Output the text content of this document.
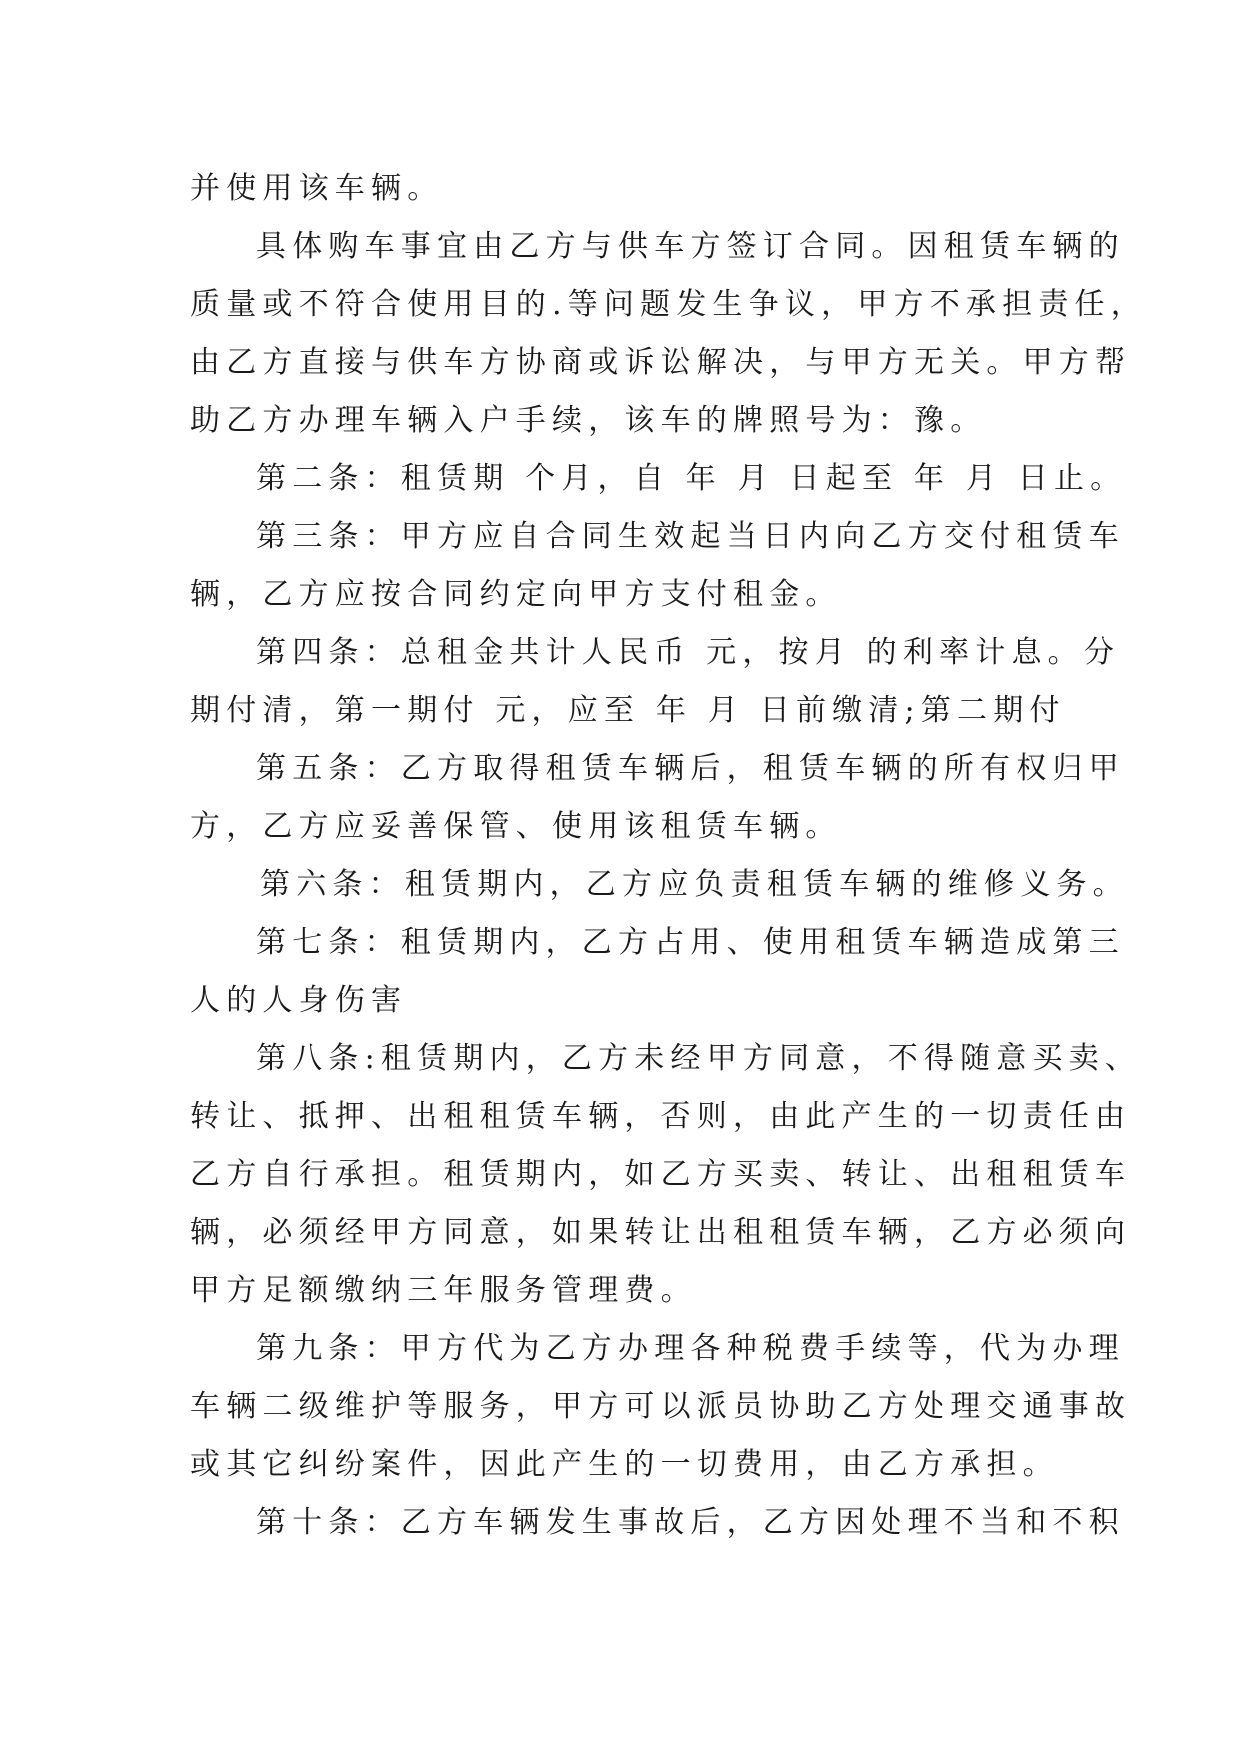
并使用该车辆。
具体购车事宜由乙方与供车方签订合同。因租赁车辆的
质量或不符合使用目的.等问题发生争议，甲方不承担责任，
由乙方直接与供车方协商或诉讼解决，与甲方无关。甲方帮
助乙方办理车辆入户手续，该车的牌照号为：豫。
第二条：租赁期 个月，自 年 月 日起至 年 月 日止。
第三条：甲方应自合同生效起当日内向乙方交付租赁车
辆，乙方应按合同约定向甲方支付租金。
第四条：总租金共计人民币 元，按月 的利率计息。分
期付清，第一期付 元，应至 年 月 日前缴清;第二期付
第五条：乙方取得租赁车辆后，租赁车辆的所有权归甲
方，乙方应妥善保管、使用该租赁车辆。
第六条：租赁期内，乙方应负责租赁车辆的维修义务。
第七条：租赁期内，乙方占用、使用租赁车辆造成第三
人的人身伤害
第八条:租赁期内，乙方未经甲方同意，不得随意买卖、
转让、抵押、出租租赁车辆，否则，由此产生的一切责任由
乙方自行承担。租赁期内，如乙方买卖、转让、出租租赁车
辆，必须经甲方同意，如果转让出租租赁车辆，乙方必须向
甲方足额缴纳三年服务管理费。
第九条：甲方代为乙方办理各种税费手续等，代为办理
车辆二级维护等服务，甲方可以派员协助乙方处理交通事故
或其它纠纷案件，因此产生的一切费用，由乙方承担。
第十条：乙方车辆发生事故后，乙方因处理不当和不积
